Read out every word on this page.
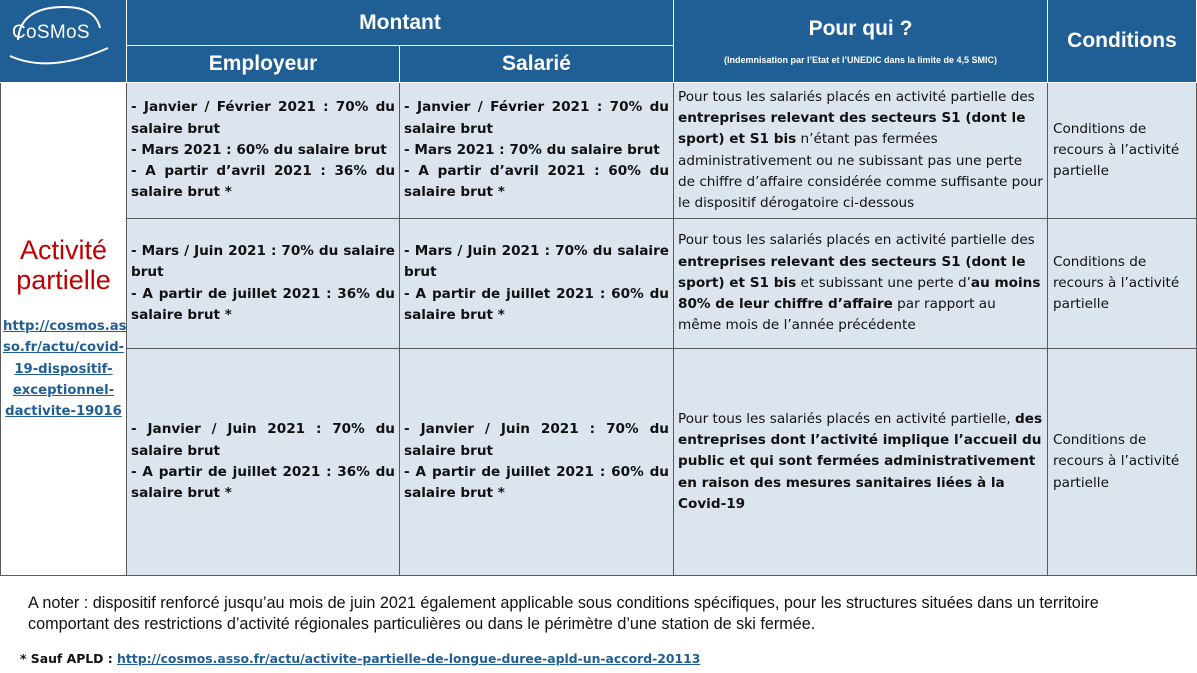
CoSMoS	Montant
Employeur	Salarié
Pour qui ?
(Indemnisation par l’Etat et l’UNEDIC dans la limite de 4,5 SMIC)
Conditions
Activité
partielle
http://cosmos.as
so.fr/actu/covid-
19-dispositif-
exceptionnel-
dactivite-19016
- Janvier / Février 2021 : 70% du salaire brut
- Mars 2021 : 60% du salaire brut
- A partir d’avril 2021 : 36% du salaire brut *
- Janvier / Février 2021 : 70% du salaire brut
- Mars 2021 : 70% du salaire brut
- A partir d’avril 2021 : 60% du salaire brut *
Pour tous les salariés placés en activité partielle des entreprises relevant des secteurs S1 (dont le sport) et S1 bis n’étant pas fermées administrativement ou ne subissant pas une perte de chiffre d’affaire considérée comme suffisante pour le dispositif dérogatoire ci-dessous
Conditions de recours à l’activité partielle
- Mars / Juin 2021 : 70% du salaire brut
- A partir de juillet 2021 : 36% du salaire brut *
- Mars / Juin 2021 : 70% du salaire brut
- A partir de juillet 2021 : 60% du salaire brut *
Pour tous les salariés placés en activité partielle des entreprises relevant des secteurs S1 (dont le sport) et S1 bis et subissant une perte d’au moins 80% de leur chiffre d’affaire par rapport au même mois de l’année précédente
Conditions de recours à l’activité partielle
- Janvier / Juin 2021 : 70% du salaire brut
- A partir de juillet 2021 : 36% du salaire brut *
- Janvier / Juin 2021 : 70% du salaire brut
- A partir de juillet 2021 : 60% du salaire brut *
Pour tous les salariés placés en activité partielle, des entreprises dont l’activité implique l’accueil du public et qui sont fermées administrativement en raison des mesures sanitaires liées à la Covid-19
Conditions de recours à l’activité partielle
A noter : dispositif renforcé jusqu’au mois de juin 2021 également applicable sous conditions spécifiques, pour les structures situées dans un territoire comportant des restrictions d’activité régionales particulières ou dans le périmètre d’une station de ski fermée.
* Sauf APLD : http://cosmos.asso.fr/actu/activite-partielle-de-longue-duree-apld-un-accord-20113
